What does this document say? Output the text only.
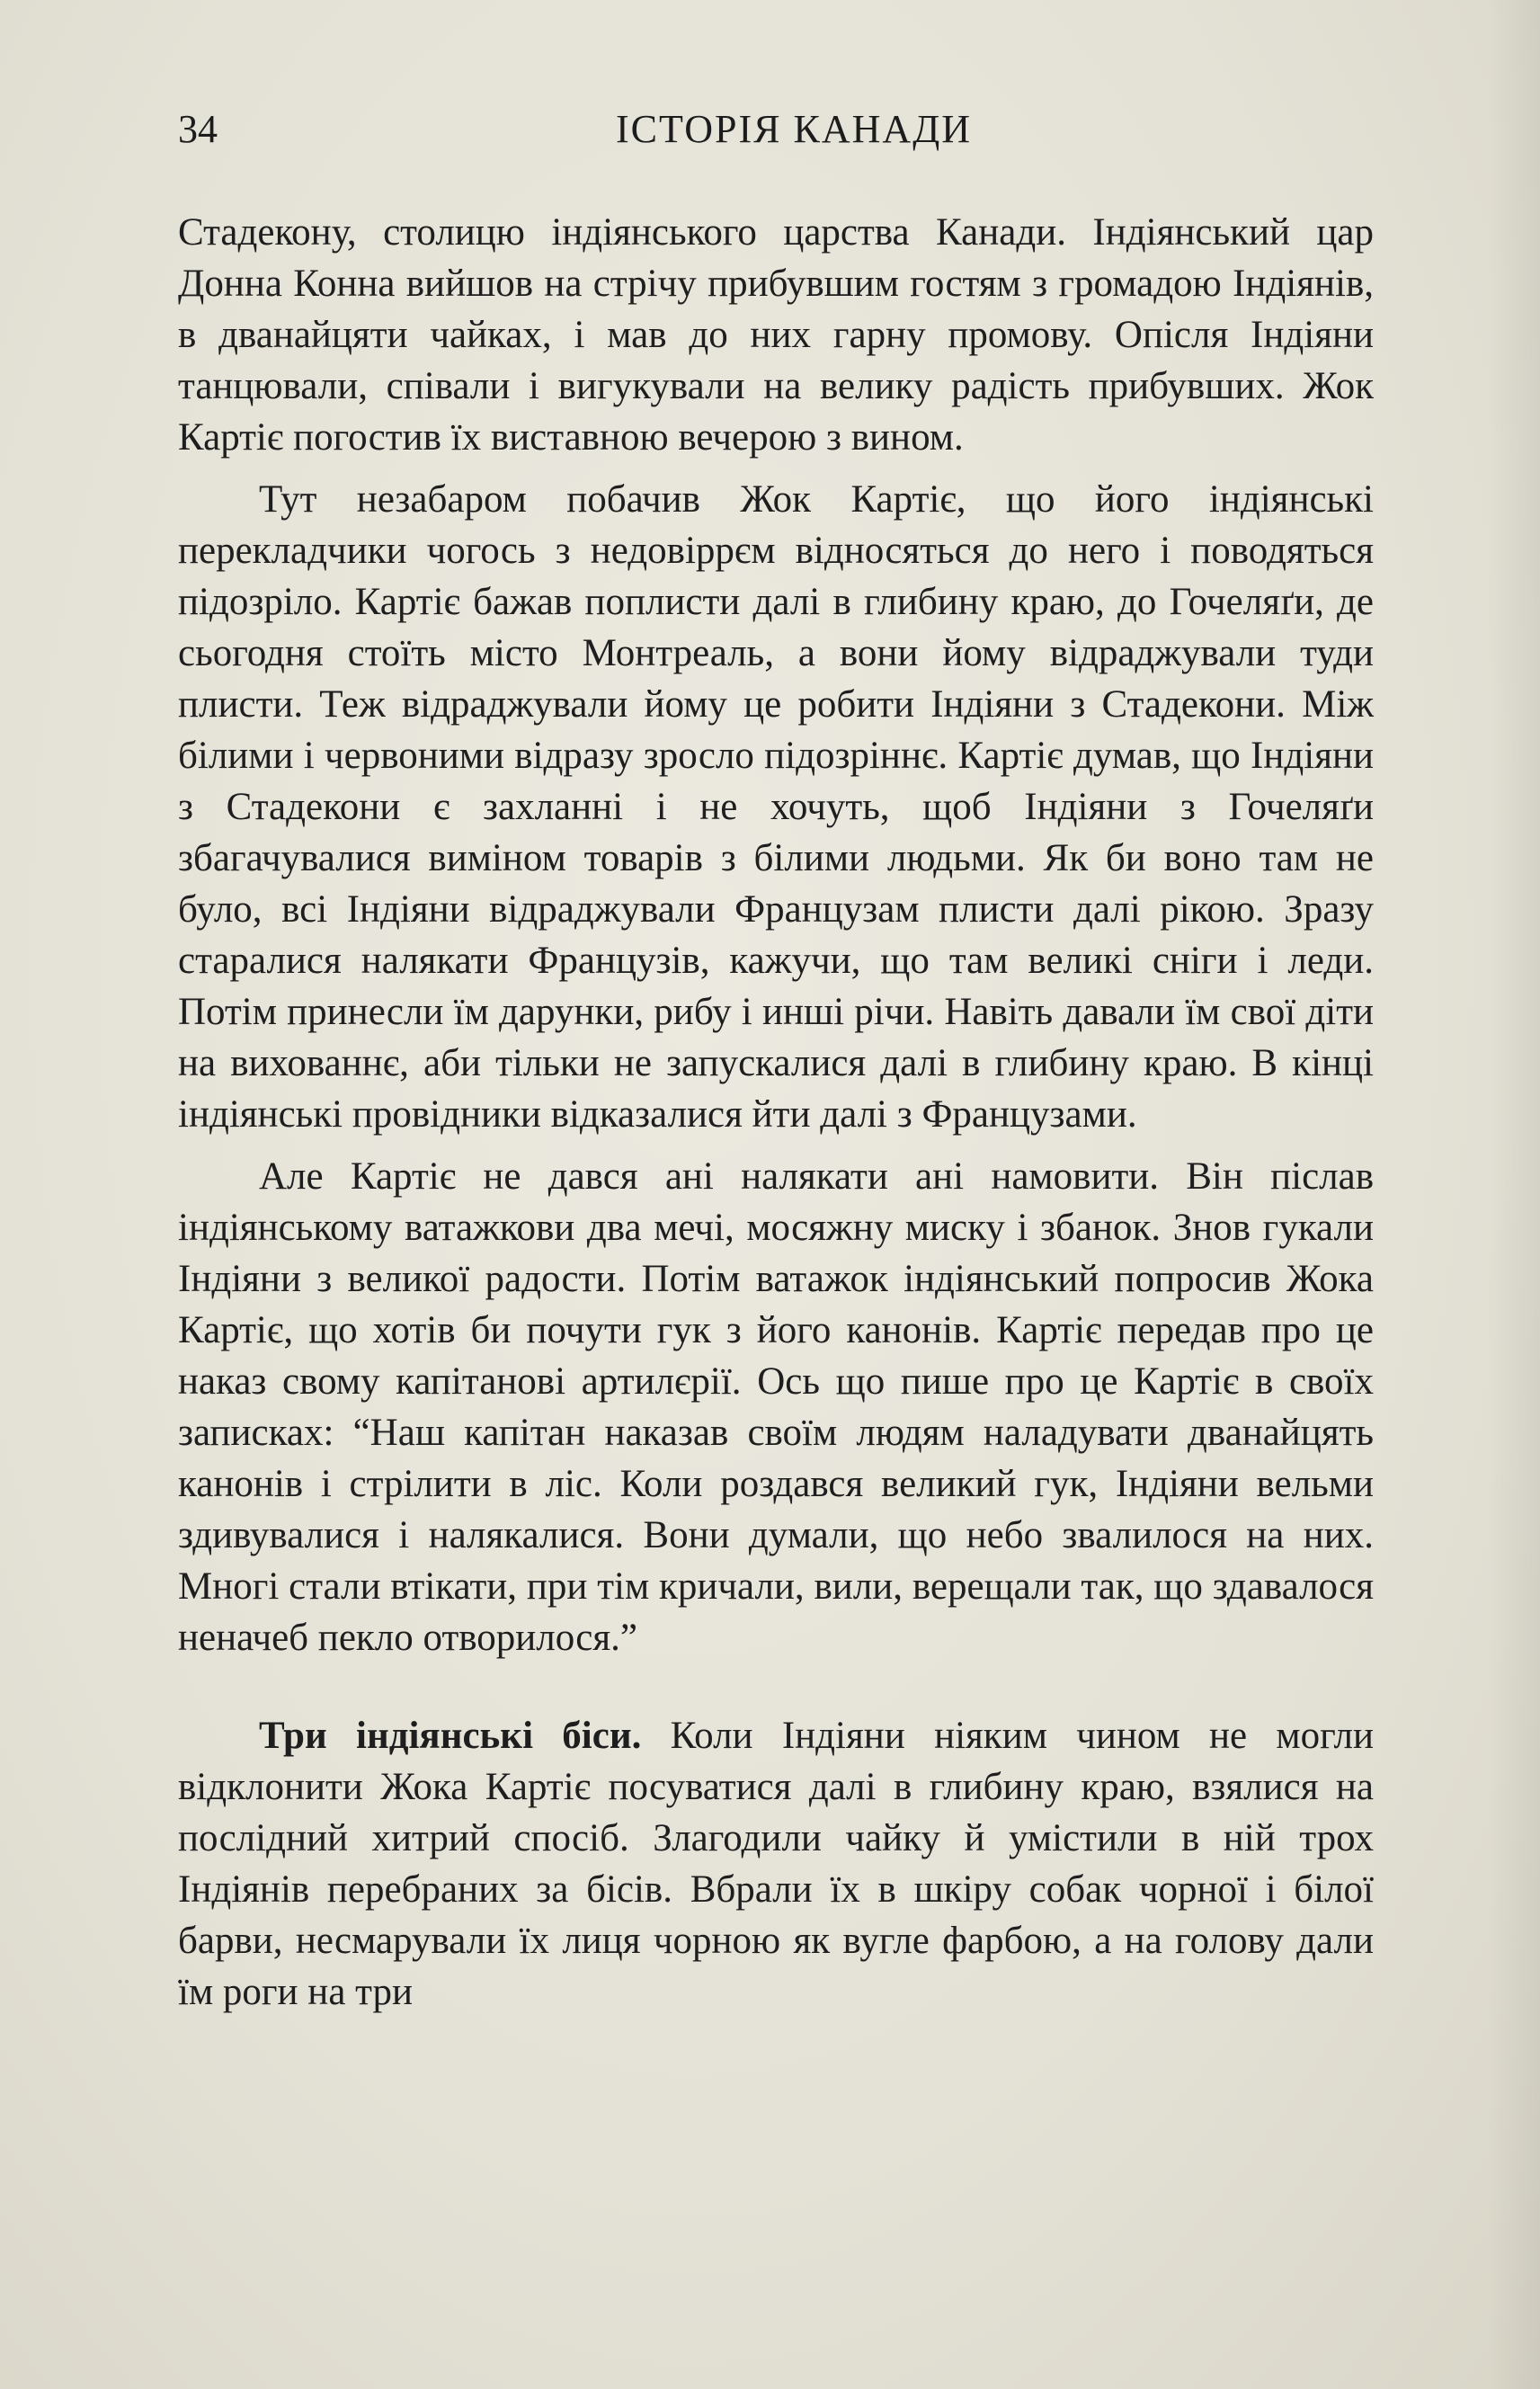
34	ІСТОРІЯ КАНАДИ

Стадекону, столицю індіянського царства Канади. Індіянський цар Донна Конна вийшов на стрічу прибувшим гостям з громадою Індіянів, в дванайцяти чайках, і мав до них гарну промову. Опісля Індіяни танцювали, співали і вигукували на велику радість прибувших. Жок Картіє погостив їх виставною вечерою з вином.

Тут незабаром побачив Жок Картіє, що його індіянські перекладчики чогось з недовіррєм відносяться до него і поводяться підозріло. Картіє бажав поплисти далі в глибину краю, до Гочеляґи, де сьогодня стоїть місто Монтреаль, а вони йому відраджували туди плисти. Теж відраджували йому це робити Індіяни з Стадекони. Між білими і червоними відразу зросло підозріннє. Картіє думав, що Індіяни з Стадекони є захланні і не хочуть, щоб Індіяни з Гочеляґи збагачувалися виміном товарів з білими людьми. Як би воно там не було, всі Індіяни відраджували Французам плисти далі рікою. Зразу старалися налякати Французів, кажучи, що там великі сніги і леди. Потім принесли їм дарунки, рибу і инші річи. Навіть давали їм свої діти на вихованнє, аби тільки не запускалися далі в глибину краю. В кінці індіянські провідники відказалися йти далі з Французами.

Але Картіє не дався ані налякати ані намовити. Він післав індіянському ватажкови два мечі, мосяжну миску і збанок. Знов гукали Індіяни з великої радости. Потім ватажок індіянський попросив Жока Картіє, що хотів би почути гук з його канонів. Картіє передав про це наказ свому капітанові артилєрії. Ось що пише про це Картіє в своїх записках: “Наш капітан наказав своїм людям наладувати дванайцять канонів і стрілити в ліс. Коли роздався великий гук, Індіяни вельми здивувалися і налякалися. Вони думали, що небо звалилося на них. Многі стали втікати, при тім кричали, вили, верещали так, що здавалося неначеб пекло отворилося.”

Три індіянські біси. Коли Індіяни ніяким чином не могли відклонити Жока Картіє посуватися далі в глибину краю, взялися на послідний хитрий спосіб. Злагодили чайку й умістили в ній трох Індіянів перебраних за бісів. Вбрали їх в шкіру собак чорної і білої барви, несмарували їх лиця чорною як вугле фарбою, а на голову дали їм роги на три
